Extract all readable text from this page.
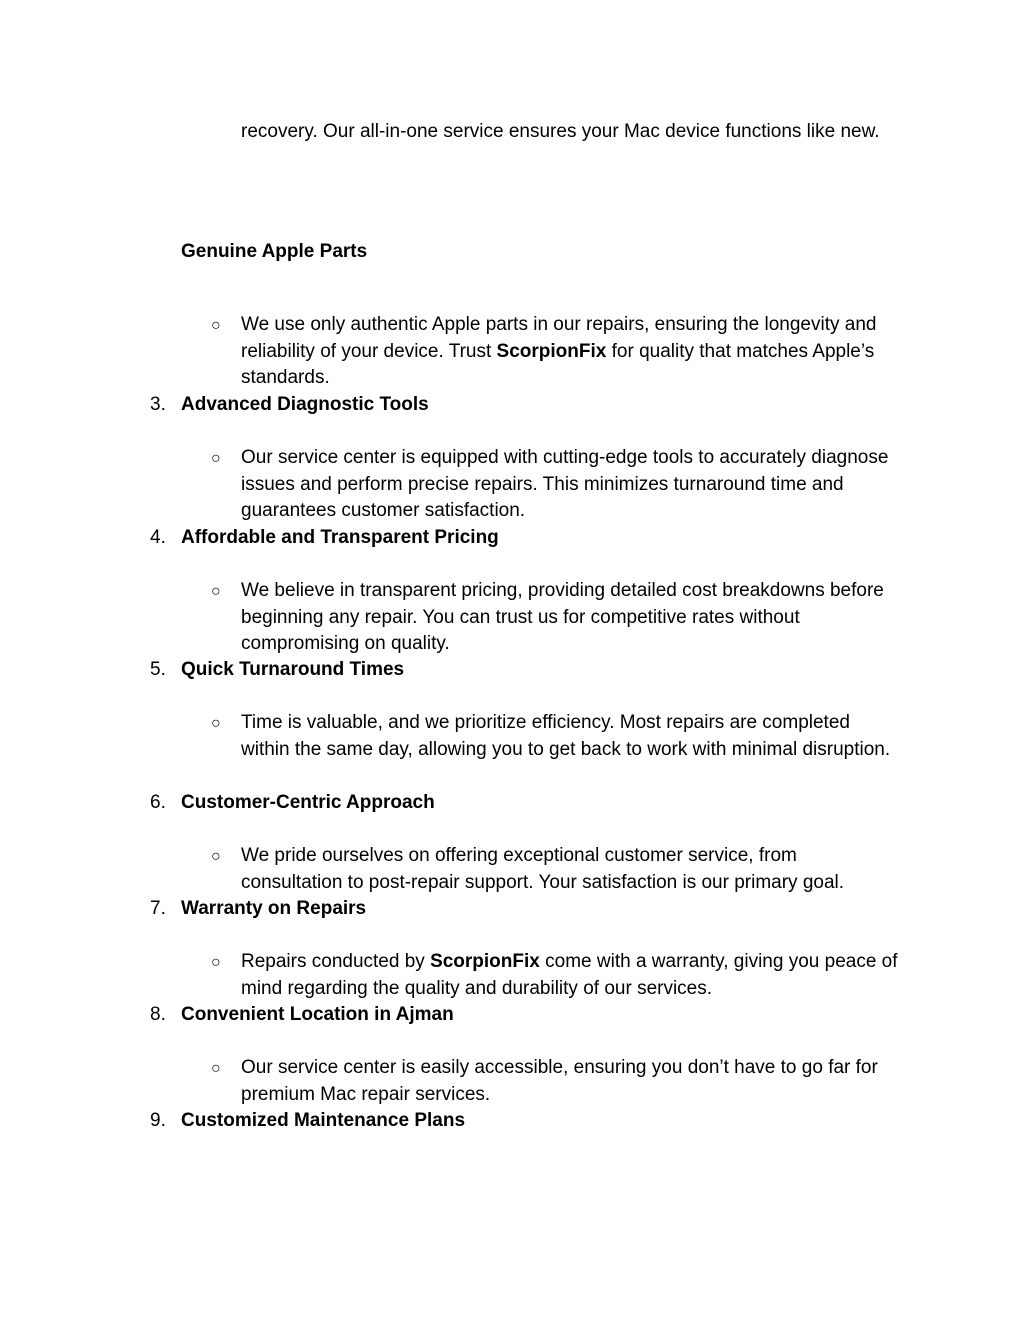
recovery. Our all-in-one service ensures your Mac device functions like new.

Genuine Apple Parts

○	We use only authentic Apple parts in our repairs, ensuring the longevity and reliability of your device. Trust ScorpionFix for quality that matches Apple’s standards.

3. Advanced Diagnostic Tools

○	Our service center is equipped with cutting-edge tools to accurately diagnose issues and perform precise repairs. This minimizes turnaround time and guarantees customer satisfaction.

4. Affordable and Transparent Pricing

○	We believe in transparent pricing, providing detailed cost breakdowns before beginning any repair. You can trust us for competitive rates without compromising on quality.

5. Quick Turnaround Times

○	Time is valuable, and we prioritize efficiency. Most repairs are completed within the same day, allowing you to get back to work with minimal disruption.

6. Customer-Centric Approach

○	We pride ourselves on offering exceptional customer service, from consultation to post-repair support. Your satisfaction is our primary goal.

7. Warranty on Repairs

○	Repairs conducted by ScorpionFix come with a warranty, giving you peace of mind regarding the quality and durability of our services.

8. Convenient Location in Ajman

○	Our service center is easily accessible, ensuring you don’t have to go far for premium Mac repair services.

9. Customized Maintenance Plans
